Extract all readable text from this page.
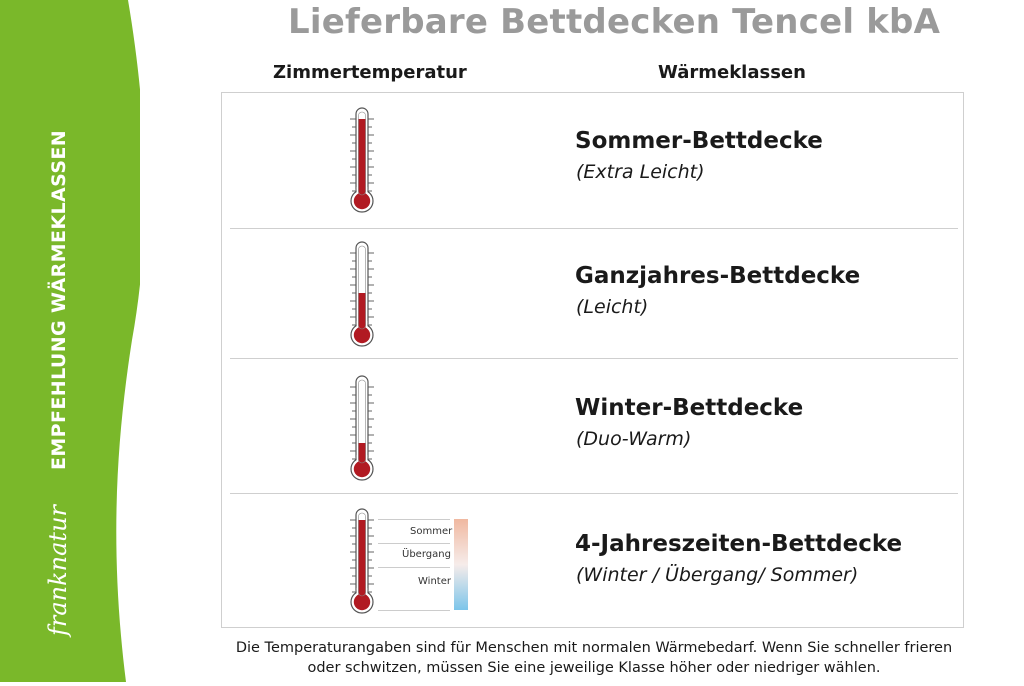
EMPFEHLUNG WÄRMEKLASSEN
franknatur
Lieferbare Bettdecken Tencel kbA
Zimmertemperatur	Wärmeklassen
Sommer-Bettdecke
(Extra Leicht)
Ganzjahres-Bettdecke
(Leicht)
Winter-Bettdecke
(Duo-Warm)
Sommer
Übergang
Winter
4-Jahreszeiten-Bettdecke
(Winter / Übergang/ Sommer)
Die Temperaturangaben sind für Menschen mit normalen Wärmebedarf. Wenn Sie schneller frieren
oder schwitzen, müssen Sie eine jeweilige Klasse höher oder niedriger wählen.
